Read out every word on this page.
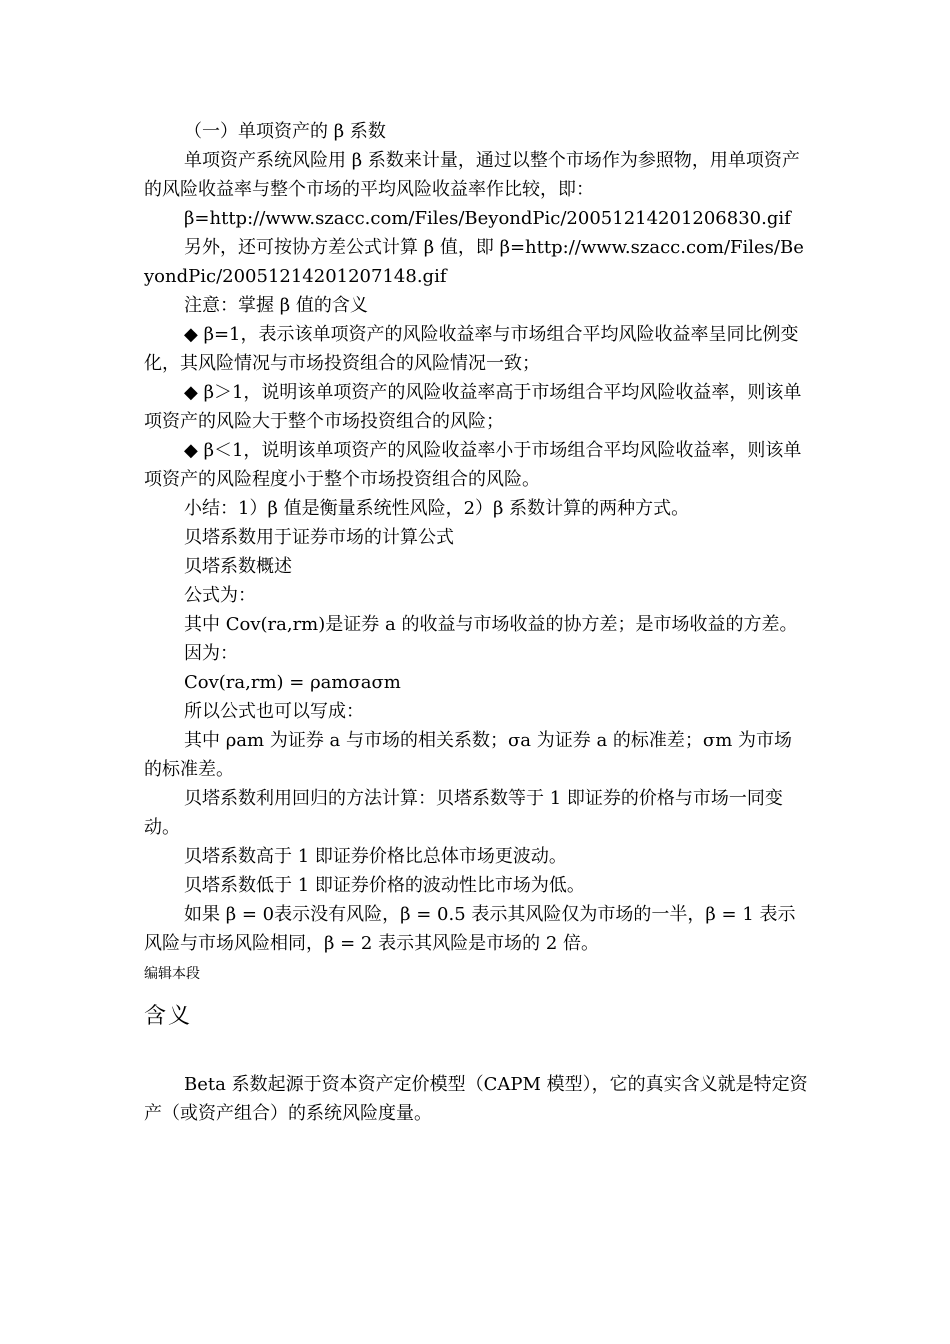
（一）单项资产的 β 系数

单项资产系统风险用 β 系数来计量，通过以整个市场作为参照物，用单项资产的风险收益率与整个市场的平均风险收益率作比较，即：

β=http://www.szacc.com/Files/BeyondPic/20051214201206830.gif

另外，还可按协方差公式计算 β 值，即 β=http://www.szacc.com/Files/BeyondPic/20051214201207148.gif

注意：掌握 β 值的含义

◆ β=1，表示该单项资产的风险收益率与市场组合平均风险收益率呈同比例变化，其风险情况与市场投资组合的风险情况一致；

◆ β＞1，说明该单项资产的风险收益率高于市场组合平均风险收益率，则该单项资产的风险大于整个市场投资组合的风险；

◆ β＜1，说明该单项资产的风险收益率小于市场组合平均风险收益率，则该单项资产的风险程度小于整个市场投资组合的风险。

小结：1）β 值是衡量系统性风险，2）β 系数计算的两种方式。

贝塔系数用于证券市场的计算公式

贝塔系数概述

公式为：

其中 Cov(ra,rm)是证券 a 的收益与市场收益的协方差；是市场收益的方差。

因为：

Cov(ra,rm) = ρamσaσm

所以公式也可以写成：

其中 ρam 为证券 a 与市场的相关系数；σa 为证券 a 的标准差；σm 为市场的标准差。

贝塔系数利用回归的方法计算：贝塔系数等于 1 即证券的价格与市场一同变动。

贝塔系数高于 1 即证券价格比总体市场更波动。

贝塔系数低于 1 即证券价格的波动性比市场为低。

如果 β = 0表示没有风险，β = 0.5 表示其风险仅为市场的一半，β = 1 表示风险与市场风险相同，β = 2 表示其风险是市场的 2 倍。

编辑本段

含义

Beta 系数起源于资本资产定价模型（CAPM 模型），它的真实含义就是特定资产（或资产组合）的系统风险度量。
